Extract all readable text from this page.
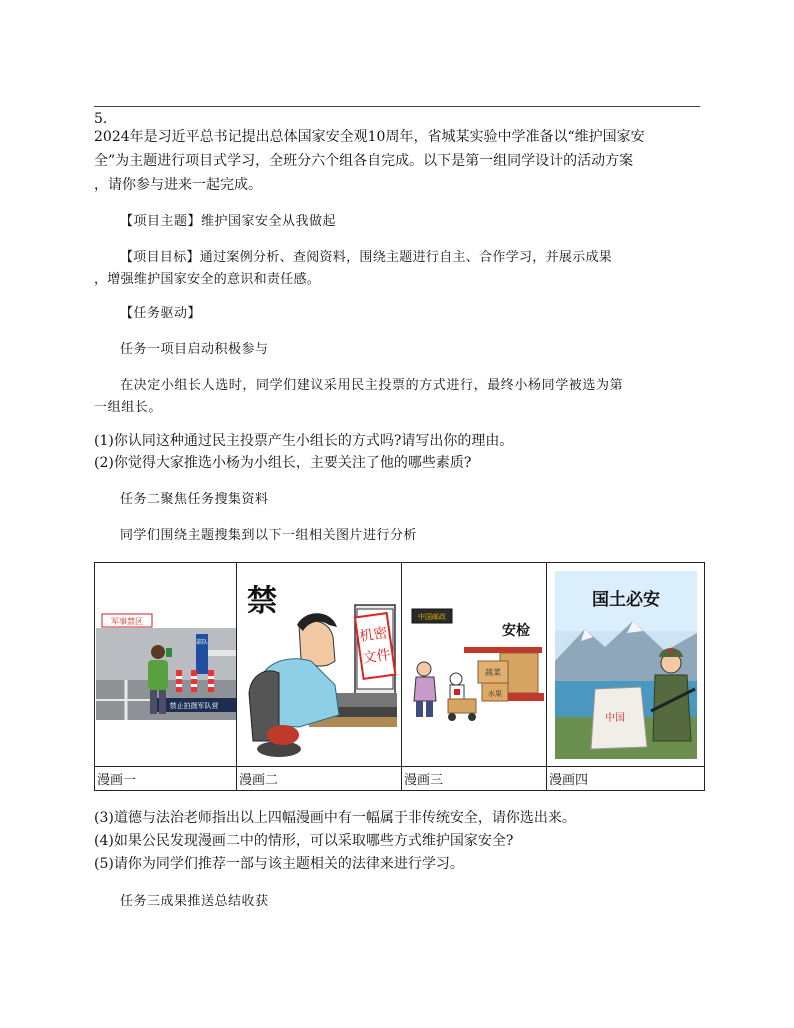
5.
2024年是习近平总书记提出总体国家安全观10周年，省城某实验中学准备以“维护国家安
全”为主题进行项目式学习，全班分六个组各自完成。以下是第一组同学设计的活动方案
，请你参与进来一起完成。
【项目主题】维护国家安全从我做起
【项目目标】通过案例分析、查阅资料，围绕主题进行自主、合作学习，并展示成果
，增强维护国家安全的意识和责任感。
【任务驱动】
任务一项目启动积极参与
在决定小组长人选时，同学们建议采用民主投票的方式进行，最终小杨同学被选为第
一组组长。
(1)你认同这种通过民主投票产生小组长的方式吗?请写出你的理由。
(2)你觉得大家推选小杨为小组长，主要关注了他的哪些素质?
任务二聚焦任务搜集资料
同学们围绕主题搜集到以下一组相关图片进行分析
军事禁区
部队
禁止拍摄军队营	禁
机密
文件	中国邮政
安检
蔬菜
水果	国土必安
中国

漫画一	漫画二	漫画三	漫画四
(3)道德与法治老师指出以上四幅漫画中有一幅属于非传统安全，请你选出来。
(4)如果公民发现漫画二中的情形，可以采取哪些方式维护国家安全?
(5)请你为同学们推荐一部与该主题相关的法律来进行学习。
任务三成果推送总结收获
